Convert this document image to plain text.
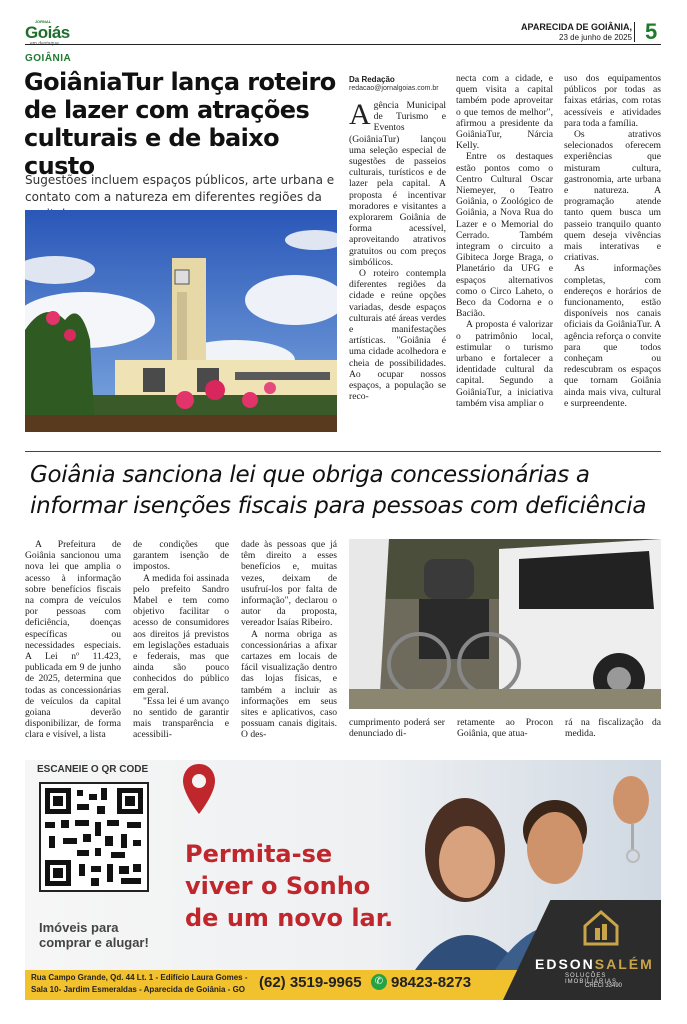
JORNAL
Goiás	APARECIDA DE GOIÂNIA,
23 de junho de 2025 5
GOIÂNIA
GoiâniaTur lança roteiro de lazer com atrações culturais e de baixo custo
Sugestões incluem espaços públicos, arte urbana e contato com a natureza em diferentes regiões da
Da Redação
redacao@jornalgoias.com.br

Agência Municipal de Turismo e Eventos (GoiâniaTur) lançou uma seleção especial de sugestões de passeios culturais, turísticos e de lazer pela capital. A proposta é incentivar moradores e visitantes a explorarem Goiânia de forma acessível, aproveitando atrativos gratuitos ou com preços simbólicos.

O roteiro contempla diferentes regiões da cidade e reúne opções variadas, desde espaços culturais até áreas verdes e manifestações artísticas. "Goiânia é uma cidade acolhedora e cheia de possibilidades. Ao ocupar nossos espaços, a população se reco-

necta com a cidade, e quem visita a capital também pode aproveitar o que temos de melhor", afirmou a presidente da GoiâniaTur, Nárcia Kelly.

Entre os destaques estão pontos como o Centro Cultural Oscar Niemeyer, o Teatro Goiânia, o Zoológico de Goiânia, a Nova Rua do Lazer e o Memorial do Cerrado. Também integram o circuito a Gibiteca Jorge Braga, o Planetário da UFG e espaços alternativos como o Circo Laheto, o Beco da Codorna e o Bacião.

A proposta é valorizar o patrimônio local, estimular o turismo urbano e fortalecer a identidade cultural da capital. Segundo a GoiâniaTur, a iniciativa também visa ampliar o

uso dos equipamentos públicos por todas as faixas etárias, com rotas acessíveis e atividades para toda a família.

Os atrativos selecionados oferecem experiências que misturam cultura, gastronomia, arte urbana e natureza. A programação atende tanto quem busca um passeio tranquilo quanto quem deseja vivências mais interativas e criativas.

As informações completas, com endereços e horários de funcionamento, estão disponíveis nos canais oficiais da GoiâniaTur. A agência reforça o convite para que todos conheçam ou redescubram os espaços que tornam Goiânia ainda mais viva, cultural e surpreendente.

Goiânia sanciona lei que obriga concessionárias a informar isenções fiscais para pessoas com deficiência

A Prefeitura de Goiânia sancionou uma nova lei que amplia o acesso à informação sobre benefícios fiscais na compra de veículos por pessoas com deficiência, doenças específicas ou necessidades especiais. A Lei nº 11.423, publicada em 9 de junho de 2025, determina que todas as concessionárias de veículos da capital goiana deverão disponibilizar, de forma clara e visível, a lista

de condições que garantem isenção de impostos.

A medida foi assinada pelo prefeito Sandro Mabel e tem como objetivo facilitar o acesso de consumidores aos direitos já previstos em legislações estaduais e federais, mas que ainda são pouco conhecidos do público em geral.

"Essa lei é um avanço no sentido de garantir mais transparência e acessibili-

dade às pessoas que já têm direito a esses benefícios e, muitas vezes, deixam de usufruí-los por falta de informação", declarou o autor da proposta, vereador Isaías Ribeiro.

A norma obriga as concessionárias a afixar cartazes em locais de fácil visualização dentro das lojas físicas, e também a incluir as informações em seus sites e aplicativos, caso possuam canais digitais. O des-

cumprimento poderá ser denunciado di-

retamente ao Procon Goiânia, que atua-

rá na fiscalização da medida.

ESCANEIE O QR CODE
Imóveis para
comprar e alugar!
Permita-se
viver o Sonho
de um novo lar.
EDSONSALÉM
SOLUÇÕES IMOBILIÁRIAS
CRECI 33490
Rua Campo Grande, Qd. 44 Lt. 1 - Edifício Laura Gomes -
Sala 10- Jardim Esmeraldas - Aparecida de Goiânia - GO (62) 3519-9965	✆ 98423-8273
